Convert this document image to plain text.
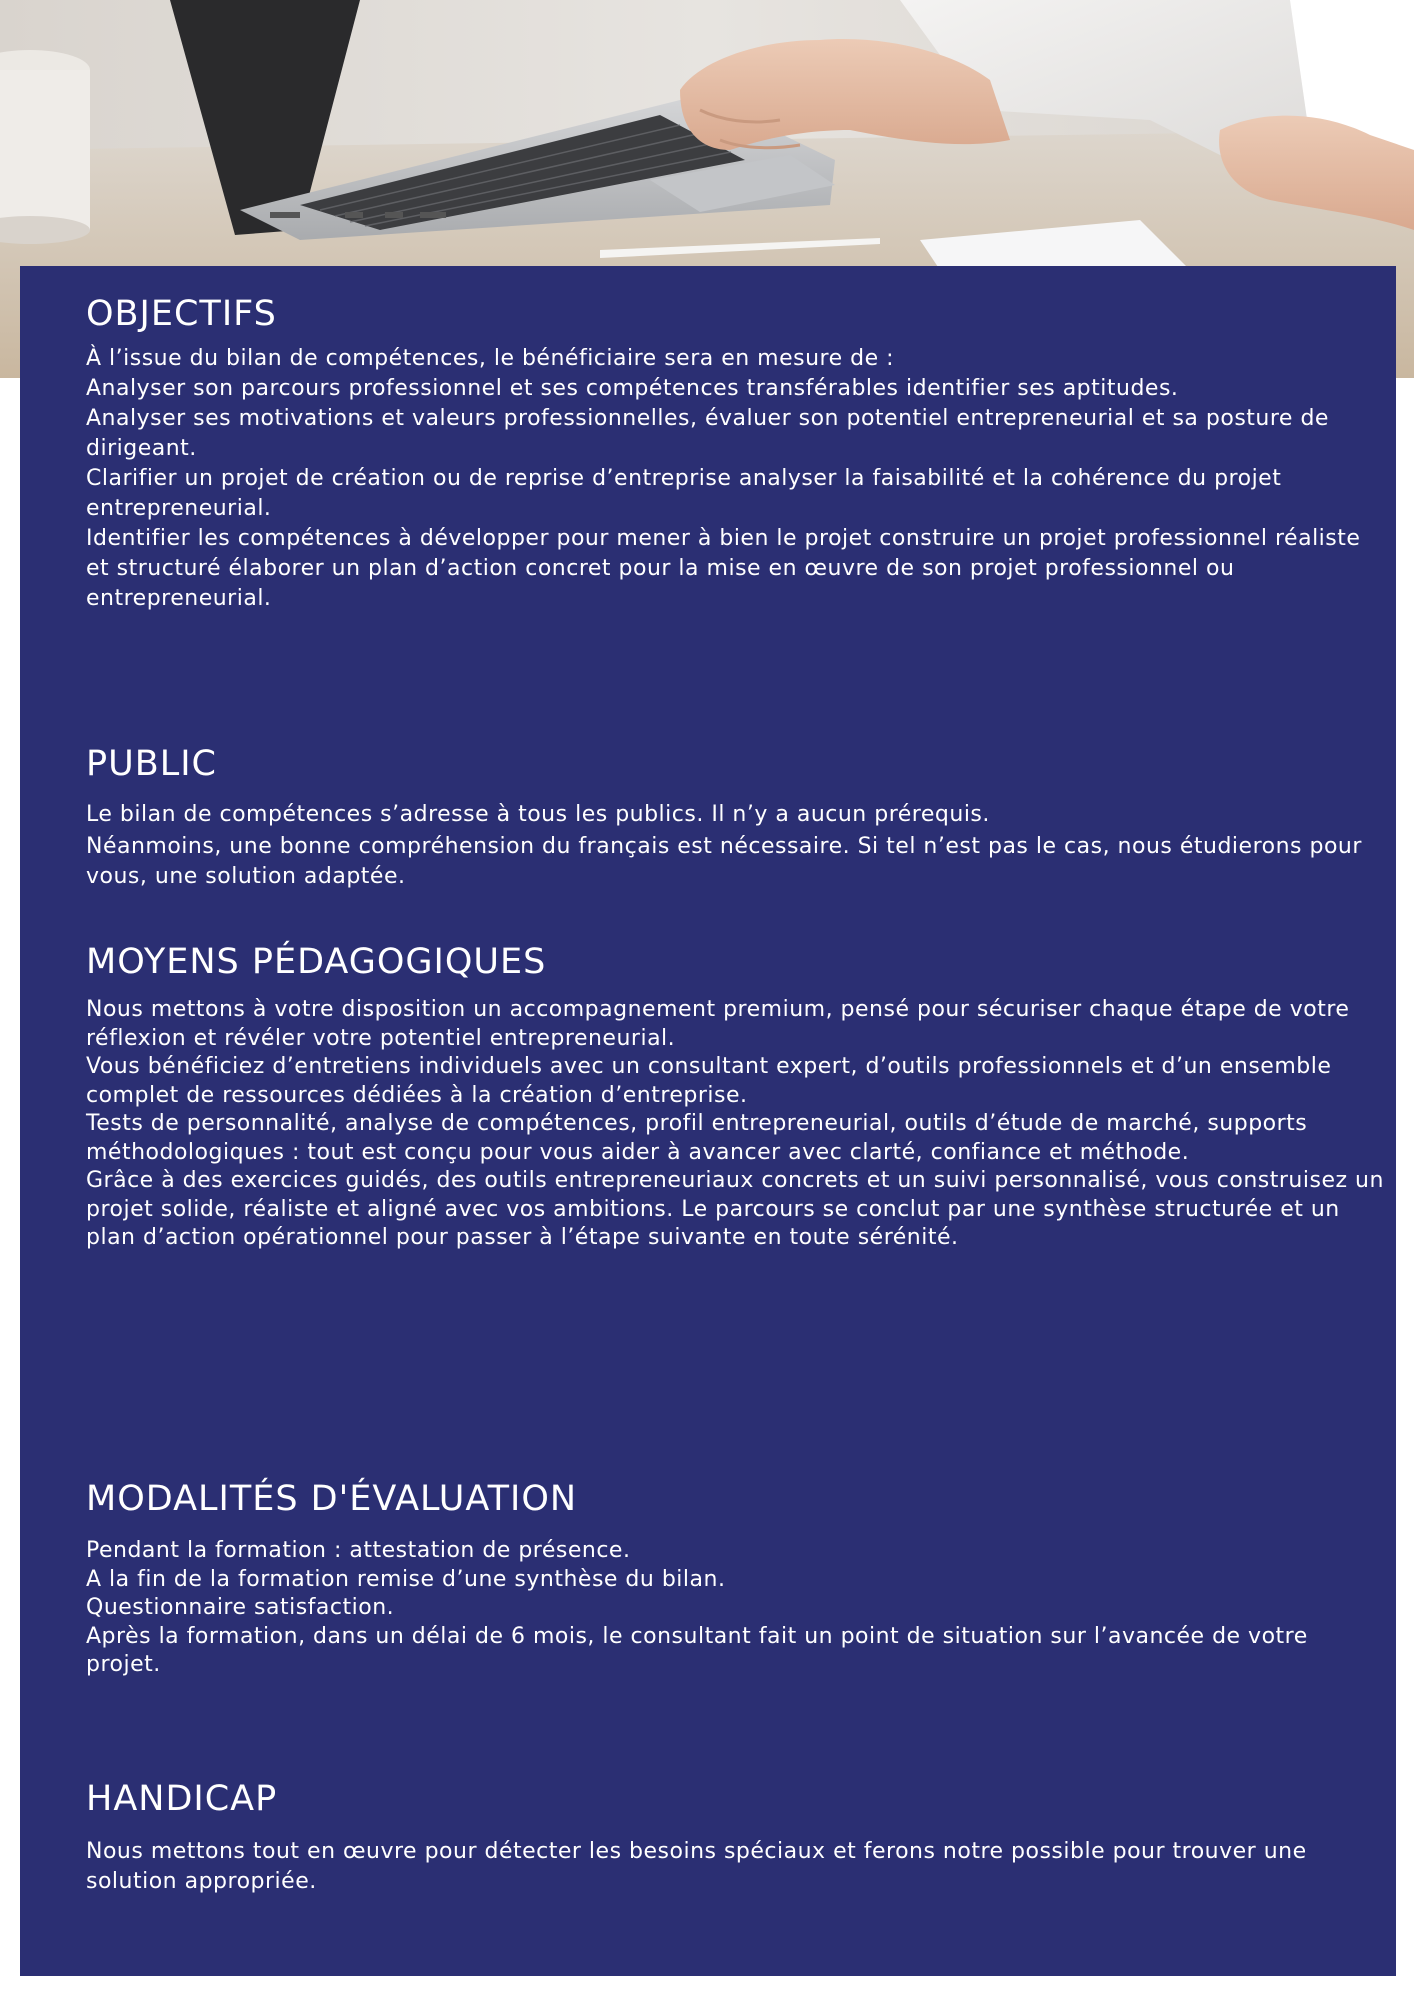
OBJECTIFS

À l’issue du bilan de compétences, le bénéficiaire sera en mesure de :

Analyser son parcours professionnel et ses compétences transférables identifier ses aptitudes.

Analyser ses motivations et valeurs professionnelles, évaluer son potentiel entrepreneurial et sa posture de dirigeant.

Clarifier un projet de création ou de reprise d’entreprise analyser la faisabilité et la cohérence du projet entrepreneurial.

Identifier les compétences à développer pour mener à bien le projet construire un projet professionnel réaliste et structuré élaborer un plan d’action concret pour la mise en œuvre de son projet professionnel ou entrepreneurial.

PUBLIC

Le bilan de compétences s’adresse à tous les publics. Il n’y a aucun prérequis.

Néanmoins, une bonne compréhension du français est nécessaire. Si tel n’est pas le cas, nous étudierons pour vous, une solution adaptée.

MOYENS PÉDAGOGIQUES

Nous mettons à votre disposition un accompagnement premium, pensé pour sécuriser chaque étape de votre réflexion et révéler votre potentiel entrepreneurial.

Vous bénéficiez d’entretiens individuels avec un consultant expert, d’outils professionnels et d’un ensemble complet de ressources dédiées à la création d’entreprise.

Tests de personnalité, analyse de compétences, profil entrepreneurial, outils d’étude de marché, supports méthodologiques : tout est conçu pour vous aider à avancer avec clarté, confiance et méthode.

Grâce à des exercices guidés, des outils entrepreneuriaux concrets et un suivi personnalisé, vous construisez un projet solide, réaliste et aligné avec vos ambitions. Le parcours se conclut par une synthèse structurée et un plan d’action opérationnel pour passer à l’étape suivante en toute sérénité.

MODALITÉS D'ÉVALUATION

Pendant la formation : attestation de présence.

A la fin de la formation remise d’une synthèse du bilan.

Questionnaire satisfaction.

Après la formation, dans un délai de 6 mois, le consultant fait un point de situation sur l’avancée de votre projet.

HANDICAP

Nous mettons tout en œuvre pour détecter les besoins spéciaux et ferons notre possible pour trouver une solution appropriée.
